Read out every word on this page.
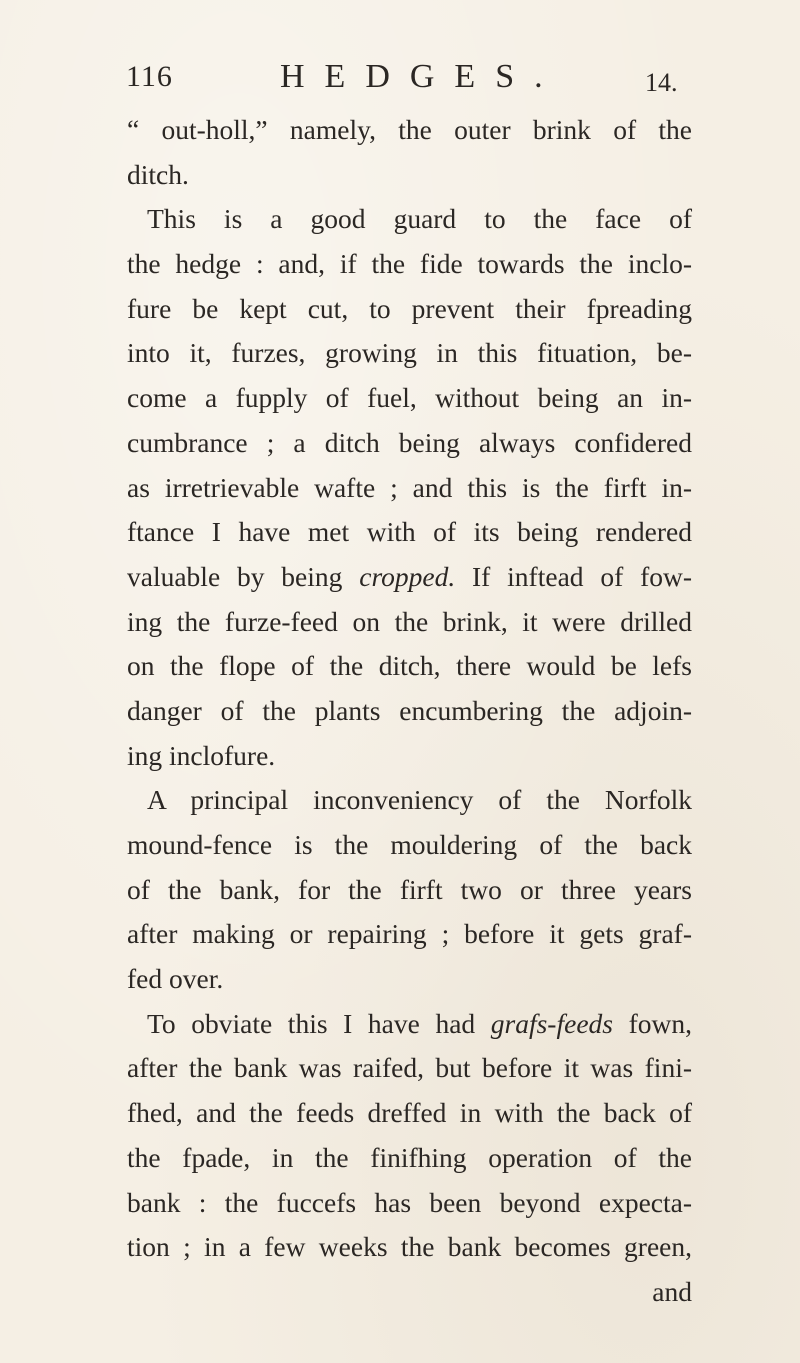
116	HEDGES.	14.
“ out-holl,” namely, the outer brink of the
ditch.
This is a good guard to the face of
the hedge : and, if the fide towards the inclo-
fure be kept cut, to prevent their fpreading
into it, furzes, growing in this fituation, be-
come a fupply of fuel, without being an in-
cumbrance ; a ditch being always confidered
as irretrievable wafte ; and this is the firft in-
ftance I have met with of its being rendered
valuable by being cropped. If inftead of fow-
ing the furze-feed on the brink, it were drilled
on the flope of the ditch, there would be lefs
danger of the plants encumbering the adjoin-
ing inclofure.
A principal inconveniency of the Norfolk
mound-fence is the mouldering of the back
of the bank, for the firft two or three years
after making or repairing ; before it gets graf-
fed over.
To obviate this I have had grafs-feeds fown,
after the bank was raifed, but before it was fini-
fhed, and the feeds dreffed in with the back of
the fpade, in the finifhing operation of the
bank : the fuccefs has been beyond expecta-
tion ; in a few weeks the bank becomes green,
and
